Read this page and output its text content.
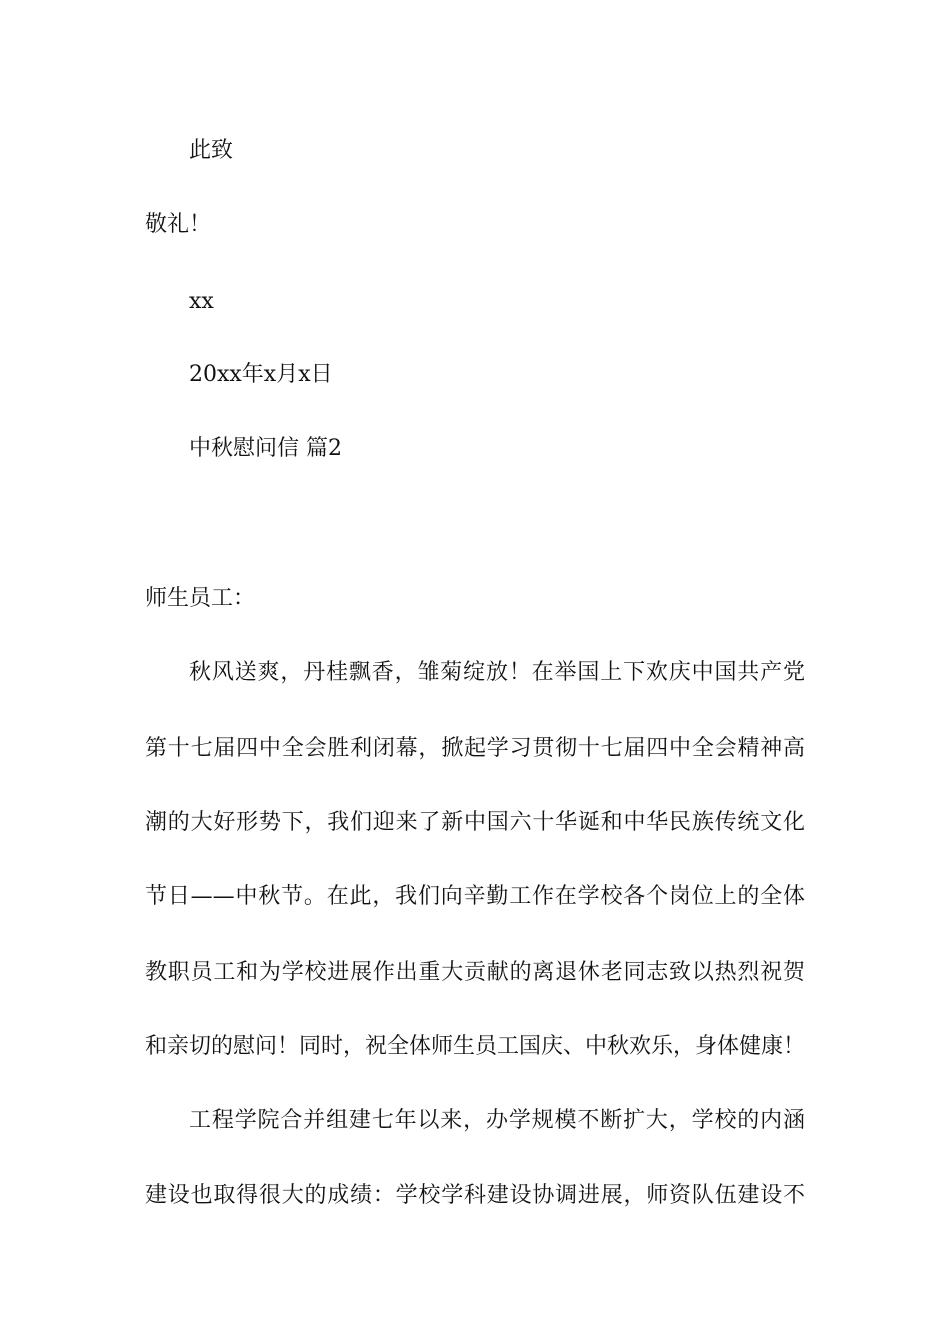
此致
敬礼！
xx
20xx年x月x日
中秋慰问信 篇2
师生员工：
秋风送爽，丹桂飘香，雏菊绽放！在举国上下欢庆中国共产党
第十七届四中全会胜利闭幕，掀起学习贯彻十七届四中全会精神高
潮的大好形势下，我们迎来了新中国六十华诞和中华民族传统文化
节日——中秋节。在此，我们向辛勤工作在学校各个岗位上的全体
教职员工和为学校进展作出重大贡献的离退休老同志致以热烈祝贺
和亲切的慰问！同时，祝全体师生员工国庆、中秋欢乐，身体健康！
工程学院合并组建七年以来，办学规模不断扩大，学校的内涵
建设也取得很大的成绩：学校学科建设协调进展，师资队伍建设不
